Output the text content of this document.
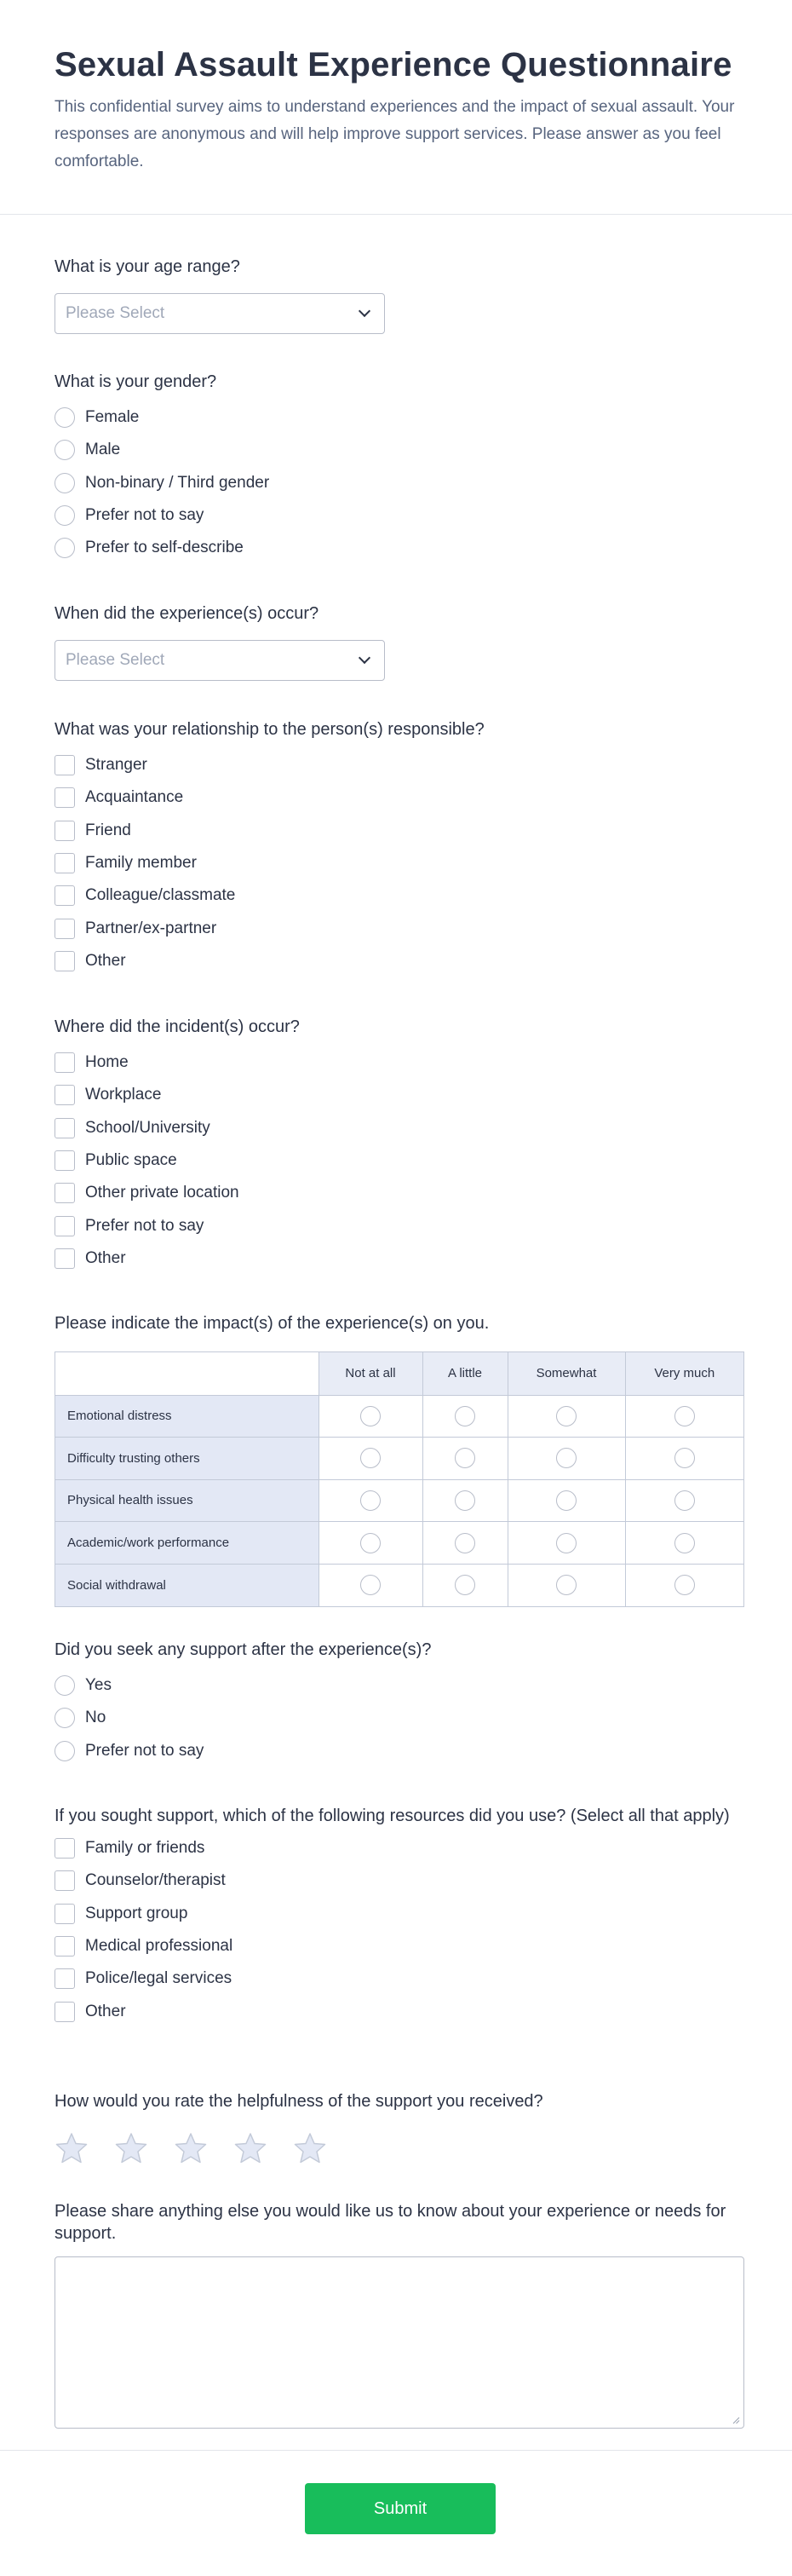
Sexual Assault Experience Questionnaire
This confidential survey aims to understand experiences and the impact of sexual assault. Your responses are anonymous and will help improve support services. Please answer as you feel comfortable.
What is your age range?
Please Select
What is your gender?
Female
Male
Non-binary / Third gender
Prefer not to say
Prefer to self-describe
When did the experience(s) occur?
Please Select
What was your relationship to the person(s) responsible?
Stranger
Acquaintance
Friend
Family member
Colleague/classmate
Partner/ex-partner
Other
Where did the incident(s) occur?
Home
Workplace
School/University
Public space
Other private location
Prefer not to say
Other
Please indicate the impact(s) of the experience(s) on you.
	Not at all	A little	Somewhat	Very much
Emotional distress				
Difficulty trusting others				
Physical health issues				
Academic/work performance				
Social withdrawal				
Did you seek any support after the experience(s)?
Yes
No
Prefer not to say
If you sought support, which of the following resources did you use? (Select all that apply)
Family or friends
Counselor/therapist
Support group
Medical professional
Police/legal services
Other
How would you rate the helpfulness of the support you received?
Please share anything else you would like us to know about your experience or needs for support.
Submit
